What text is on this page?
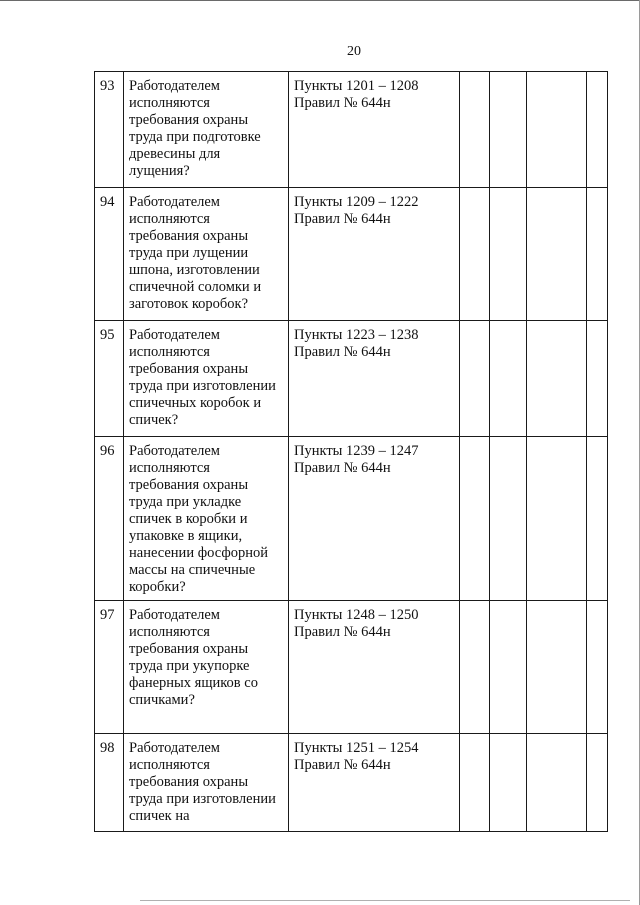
20
93	Работодателем исполняются требования охраны труда при подготовке древесины для лущения?	Пункты 1201 – 1208 Правил № 644н				
94	Работодателем исполняются требования охраны труда при лущении шпона, изготовлении спичечной соломки и заготовок коробок?	Пункты 1209 – 1222 Правил № 644н				
95	Работодателем исполняются требования охраны труда при изготовлении спичечных коробок и спичек?	Пункты 1223 – 1238 Правил № 644н				
96	Работодателем исполняются требования охраны труда при укладке спичек в коробки и упаковке в ящики, нанесении фосфорной массы на спичечные коробки?	Пункты 1239 – 1247 Правил № 644н				
97	Работодателем исполняются требования охраны труда при укупорке фанерных ящиков со спичками?	Пункты 1248 – 1250 Правил № 644н				
98	Работодателем исполняются требования охраны труда при изготовлении спичек на	Пункты 1251 – 1254 Правил № 644н				
